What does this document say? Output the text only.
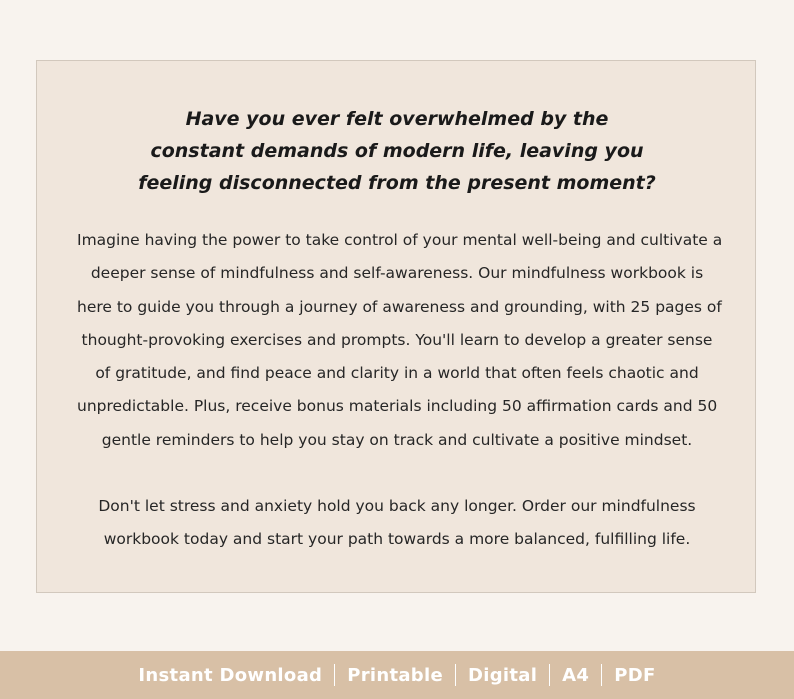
Have you ever felt overwhelmed by the
constant demands of modern life, leaving you
feeling disconnected from the present moment?
Imagine having the power to take control of your mental well-being and cultivate a
deeper sense of mindfulness and self-awareness. Our mindfulness workbook is
here to guide you through a journey of awareness and grounding, with 25 pages of
thought-provoking exercises and prompts. You'll learn to develop a greater sense
of gratitude, and find peace and clarity in a world that often feels chaotic and
unpredictable. Plus, receive bonus materials including 50 affirmation cards and 50
gentle reminders to help you stay on track and cultivate a positive mindset.
Don't let stress and anxiety hold you back any longer. Order our mindfulness
workbook today and start your path towards a more balanced, fulfilling life.
Instant Download	Printable	Digital	A4	PDF
